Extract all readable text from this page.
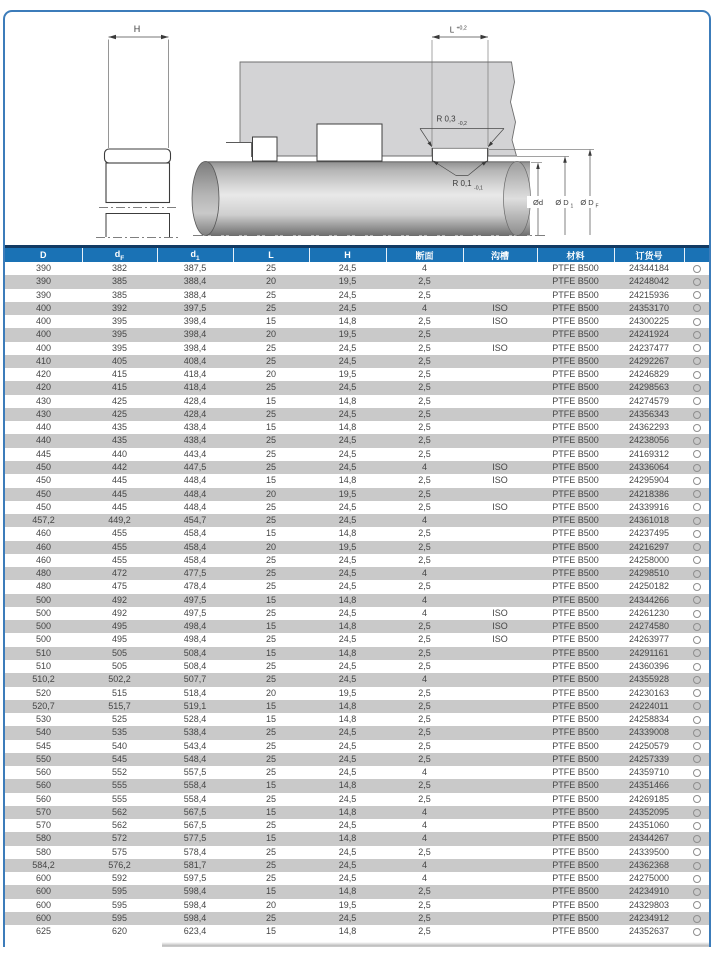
H	L +0,2
R 0,3
-0,2
R 0,1
-0,1
Ød Ø D 1 Ø D F
D	$d_F$	$d_1$	L	H	断面	沟槽	材料	订货号	
390	382	387,5	25	24,5	4		PTFE B500	24344184	
390	385	388,4	20	19,5	2,5		PTFE B500	24248042	
390	385	388,4	25	24,5	2,5		PTFE B500	24215936	
400	392	397,5	25	24,5	4	ISO	PTFE B500	24353170	
400	395	398,4	15	14,8	2,5	ISO	PTFE B500	24300225	
400	395	398,4	20	19,5	2,5		PTFE B500	24241924	
400	395	398,4	25	24,5	2,5	ISO	PTFE B500	24237477	
410	405	408,4	25	24,5	2,5		PTFE B500	24292267	
420	415	418,4	20	19,5	2,5		PTFE B500	24246829	
420	415	418,4	25	24,5	2,5		PTFE B500	24298563	
430	425	428,4	15	14,8	2,5		PTFE B500	24274579	
430	425	428,4	25	24,5	2,5		PTFE B500	24356343	
440	435	438,4	15	14,8	2,5		PTFE B500	24362293	
440	435	438,4	25	24,5	2,5		PTFE B500	24238056	
445	440	443,4	25	24,5	2,5		PTFE B500	24169312	
450	442	447,5	25	24,5	4	ISO	PTFE B500	24336064	
450	445	448,4	15	14,8	2,5	ISO	PTFE B500	24295904	
450	445	448,4	20	19,5	2,5		PTFE B500	24218386	
450	445	448,4	25	24,5	2,5	ISO	PTFE B500	24339916	
457,2	449,2	454,7	25	24,5	4		PTFE B500	24361018	
460	455	458,4	15	14,8	2,5		PTFE B500	24237495	
460	455	458,4	20	19,5	2,5		PTFE B500	24216297	
460	455	458,4	25	24,5	2,5		PTFE B500	24258000	
480	472	477,5	25	24,5	4		PTFE B500	24298510	
480	475	478,4	25	24,5	2,5		PTFE B500	24250182	
500	492	497,5	15	14,8	4		PTFE B500	24344266	
500	492	497,5	25	24,5	4	ISO	PTFE B500	24261230	
500	495	498,4	15	14,8	2,5	ISO	PTFE B500	24274580	
500	495	498,4	25	24,5	2,5	ISO	PTFE B500	24263977	
510	505	508,4	15	14,8	2,5		PTFE B500	24291161	
510	505	508,4	25	24,5	2,5		PTFE B500	24360396	
510,2	502,2	507,7	25	24,5	4		PTFE B500	24355928	
520	515	518,4	20	19,5	2,5		PTFE B500	24230163	
520,7	515,7	519,1	15	14,8	2,5		PTFE B500	24224011	
530	525	528,4	15	14,8	2,5		PTFE B500	24258834	
540	535	538,4	25	24,5	2,5		PTFE B500	24339008	
545	540	543,4	25	24,5	2,5		PTFE B500	24250579	
550	545	548,4	25	24,5	2,5		PTFE B500	24257339	
560	552	557,5	25	24,5	4		PTFE B500	24359710	
560	555	558,4	15	14,8	2,5		PTFE B500	24351466	
560	555	558,4	25	24,5	2,5		PTFE B500	24269185	
570	562	567,5	15	14,8	4		PTFE B500	24352095	
570	562	567,5	25	24,5	4		PTFE B500	24351060	
580	572	577,5	15	14,8	4		PTFE B500	24344267	
580	575	578,4	25	24,5	2,5		PTFE B500	24339500	
584,2	576,2	581,7	25	24,5	4		PTFE B500	24362368	
600	592	597,5	25	24,5	4		PTFE B500	24275000	
600	595	598,4	15	14,8	2,5		PTFE B500	24234910	
600	595	598,4	20	19,5	2,5		PTFE B500	24329803	
600	595	598,4	25	24,5	2,5		PTFE B500	24234912	
625	620	623,4	15	14,8	2,5		PTFE B500	24352637	
